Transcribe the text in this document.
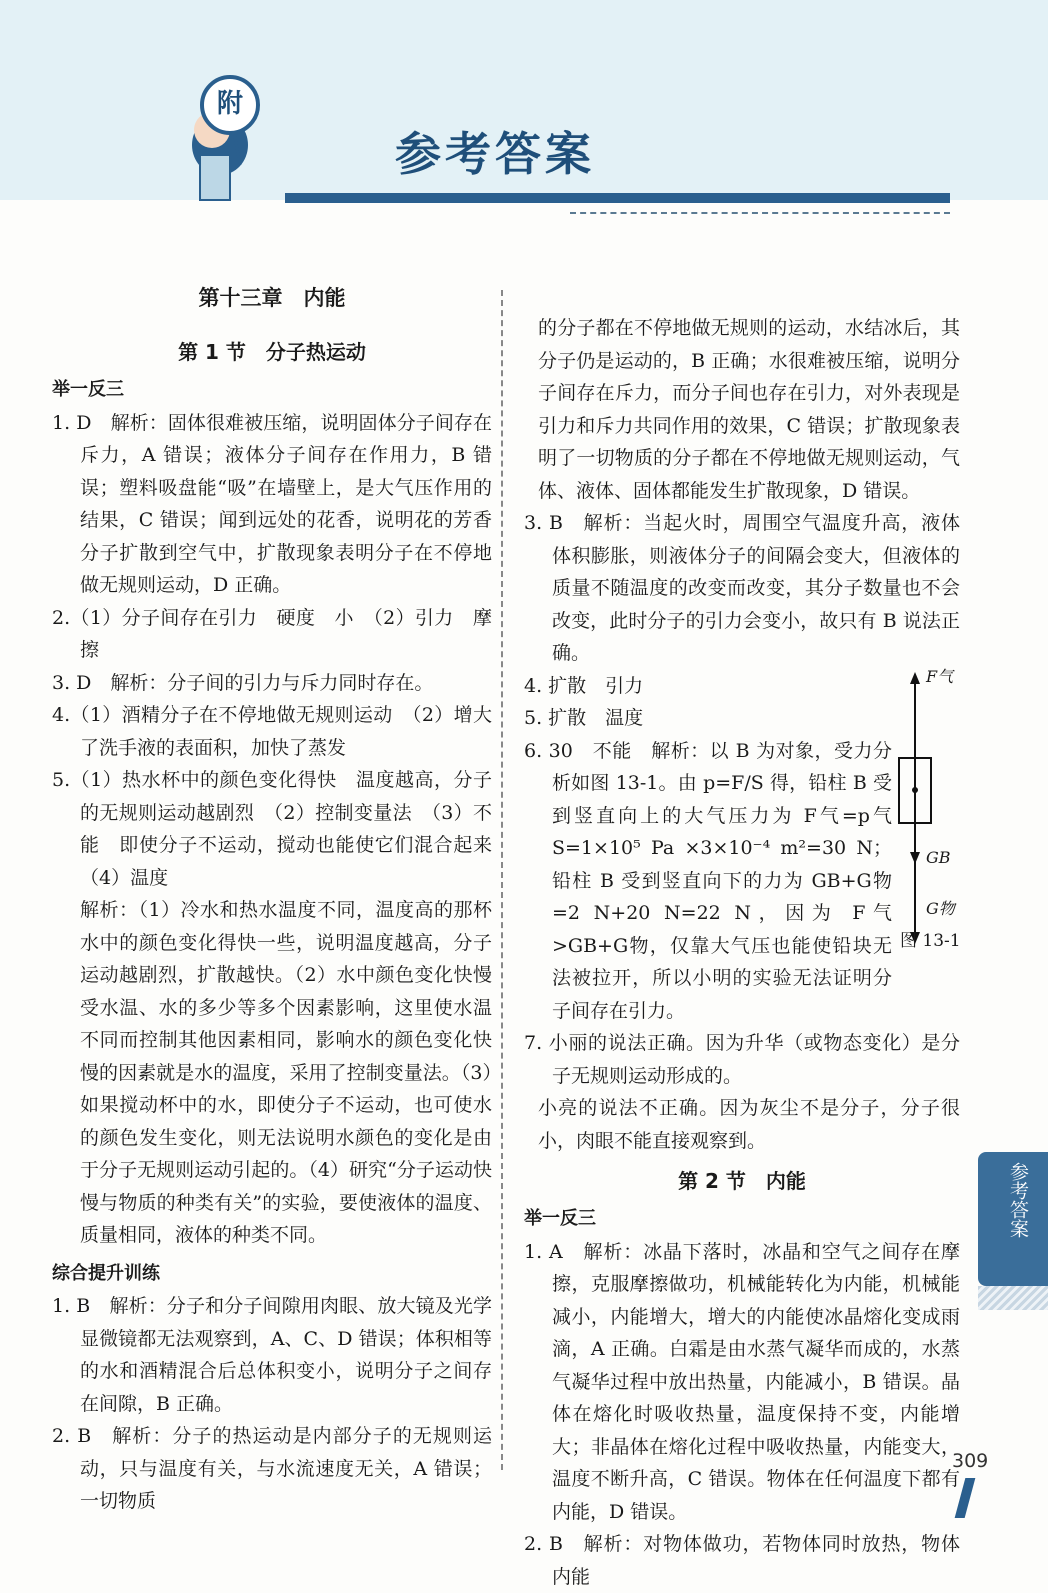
附
参考答案

第十三章　内能

第 1 节　分子热运动

举一反三

1. D　解析：固体很难被压缩，说明固体分子间存在斥力，A 错误；液体分子间存在作用力，B 错误；塑料吸盘能“吸”在墙壁上，是大气压作用的结果，C 错误；闻到远处的花香，说明花的芳香分子扩散到空气中，扩散现象表明分子在不停地做无规则运动，D 正确。

2.（1）分子间存在引力　硬度　小　（2）引力　摩擦

3. D　解析：分子间的引力与斥力同时存在。

4.（1）酒精分子在不停地做无规则运动　（2）增大了洗手液的表面积，加快了蒸发

5.（1）热水杯中的颜色变化得快　温度越高，分子的无规则运动越剧烈　（2）控制变量法　（3）不能　即使分子不运动，搅动也能使它们混合起来　（4）温度

解析：（1）冷水和热水温度不同，温度高的那杯水中的颜色变化得快一些，说明温度越高，分子运动越剧烈，扩散越快。（2）水中颜色变化快慢受水温、水的多少等多个因素影响，这里使水温不同而控制其他因素相同，影响水的颜色变化快慢的因素就是水的温度，采用了控制变量法。（3）如果搅动杯中的水，即使分子不运动，也可使水的颜色发生变化，则无法说明水颜色的变化是由于分子无规则运动引起的。（4）研究“分子运动快慢与物质的种类有关”的实验，要使液体的温度、质量相同，液体的种类不同。

综合提升训练

1. B　解析：分子和分子间隙用肉眼、放大镜及光学显微镜都无法观察到，A、C、D 错误；体积相等的水和酒精混合后总体积变小，说明分子之间存在间隙，B 正确。

2. B　解析：分子的热运动是内部分子的无规则运动，只与温度有关，与水流速度无关，A 错误；一切物质

的分子都在不停地做无规则的运动，水结冰后，其分子仍是运动的，B 正确；水很难被压缩，说明分子间存在斥力，而分子间也存在引力，对外表现是引力和斥力共同作用的效果，C 错误；扩散现象表明了一切物质的分子都在不停地做无规则运动，气体、液体、固体都能发生扩散现象，D 错误。

3. B　解析：当起火时，周围空气温度升高，液体体积膨胀，则液体分子的间隔会变大，但液体的质量不随温度的改变而改变，其分子数量也不会改变，此时分子的引力会变小，故只有 B 说法正确。

4. 扩散　引力

5. 扩散　温度

6. 30　不能　解析：以 B 为对象，受力分析如图 13-1。由 p=F/S 得，铅柱 B 受到竖直向上的大气压力为 F气=p气S=1×10⁵ Pa ×3×10⁻⁴ m²=30 N；铅柱 B 受到竖直向下的力为 GB+G物=2 N+20 N=22 N，因为 F气>GB+G物，仅靠大气压也能使铅块无法被拉开，所以小明的实验无法证明分子间存在引力。

7. 小丽的说法正确。因为升华（或物态变化）是分子无规则运动形成的。

小亮的说法不正确。因为灰尘不是分子，分子很小，肉眼不能直接观察到。

第 2 节　内能

举一反三

1. A　解析：冰晶下落时，冰晶和空气之间存在摩擦，克服摩擦做功，机械能转化为内能，机械能减小，内能增大，增大的内能使冰晶熔化变成雨滴，A 正确。白霜是由水蒸气凝华而成的，水蒸气凝华过程中放出热量，内能减小，B 错误。晶体在熔化时吸收热量，温度保持不变，内能增大；非晶体在熔化过程中吸收热量，内能变大，温度不断升高，C 错误。物体在任何温度下都有内能，D 错误。

2. B　解析：对物体做功，若物体同时放热，物体内能

F气
GB
G物
图 13-1
参考答案
309
